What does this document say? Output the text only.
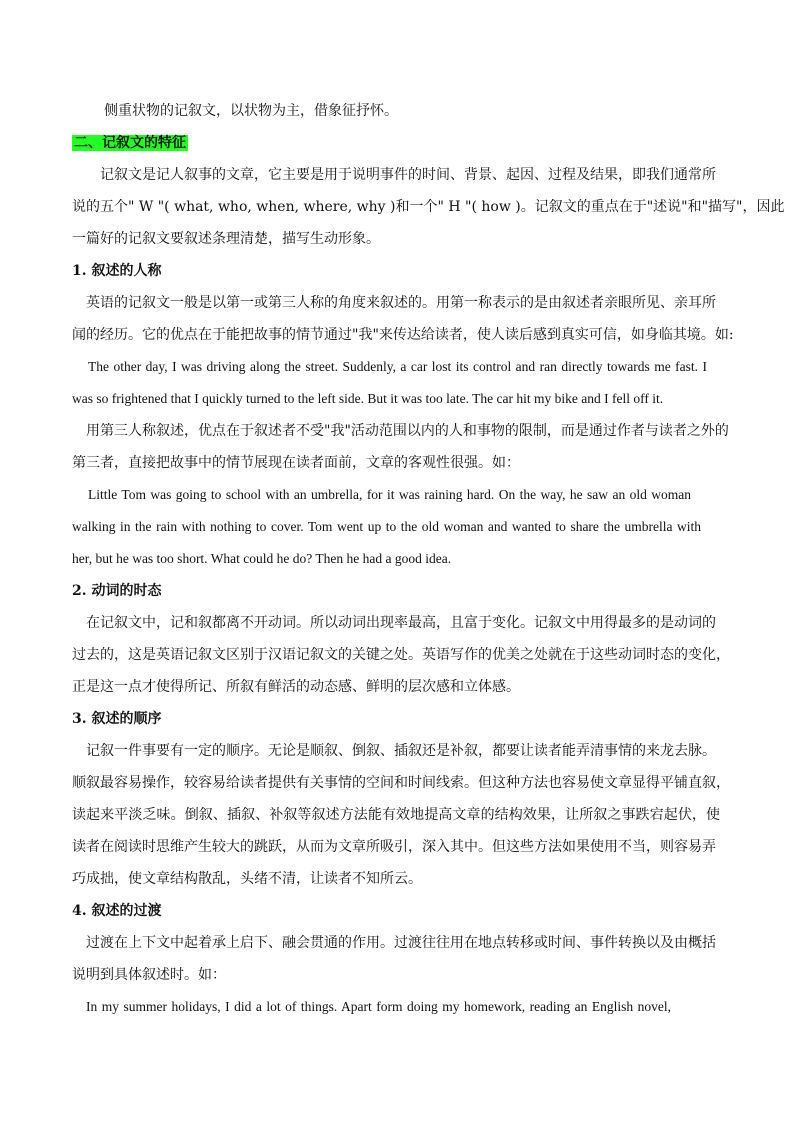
侧重状物的记叙文，以状物为主，借象征抒怀。
二、记叙文的特征
记叙文是记人叙事的文章，它主要是用于说明事件的时间、背景、起因、过程及结果，即我们通常所
说的五个" W "( what, who, when, where, why )和一个" H "( how )。记叙文的重点在于"述说"和"描写"，因此
一篇好的记叙文要叙述条理清楚，描写生动形象。
1. 叙述的人称
英语的记叙文一般是以第一或第三人称的角度来叙述的。用第一称表示的是由叙述者亲眼所见、亲耳所
闻的经历。它的优点在于能把故事的情节通过"我"来传达给读者，使人读后感到真实可信，如身临其境。如:
The other day, I was driving along the street. Suddenly, a car lost its control and ran directly towards me fast. I
was so frightened that I quickly turned to the left side. But it was too late. The car hit my bike and I fell off it.
用第三人称叙述，优点在于叙述者不受"我"活动范围以内的人和事物的限制，而是通过作者与读者之外的
第三者，直接把故事中的情节展现在读者面前，文章的客观性很强。如：
Little Tom was going to school with an umbrella, for it was raining hard. On the way, he saw an old woman
walking in the rain with nothing to cover. Tom went up to the old woman and wanted to share the umbrella with
her, but he was too short. What could he do? Then he had a good idea.
2. 动词的时态
在记叙文中，记和叙都离不开动词。所以动词出现率最高，且富于变化。记叙文中用得最多的是动词的
过去的，这是英语记叙文区别于汉语记叙文的关键之处。英语写作的优美之处就在于这些动词时态的变化，
正是这一点才使得所记、所叙有鲜活的动态感、鲜明的层次感和立体感。
3. 叙述的顺序
记叙一件事要有一定的顺序。无论是顺叙、倒叙、插叙还是补叙，都要让读者能弄清事情的来龙去脉。
顺叙最容易操作，较容易给读者提供有关事情的空间和时间线索。但这种方法也容易使文章显得平铺直叙，
读起来平淡乏味。倒叙、插叙、补叙等叙述方法能有效地提高文章的结构效果，让所叙之事跌宕起伏，使
读者在阅读时思维产生较大的跳跃，从而为文章所吸引，深入其中。但这些方法如果使用不当，则容易弄
巧成拙，使文章结构散乱，头绪不清，让读者不知所云。
4. 叙述的过渡
过渡在上下文中起着承上启下、融会贯通的作用。过渡往往用在地点转移或时间、事件转换以及由概括
说明到具体叙述时。如：
In my summer holidays, I did a lot of things. Apart form doing my homework, reading an English novel,
